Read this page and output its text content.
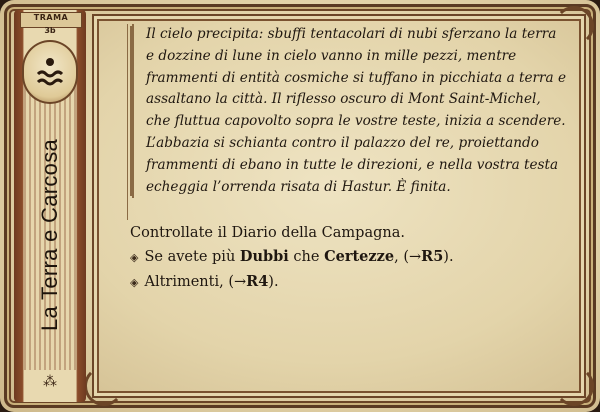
TRAMA
3b
La Terra e Carcosa
⁂
Il cielo precipita: sbuffi tentacolari di nubi sferzano la terra e dozzine di lune in cielo vanno in mille pezzi, mentre frammenti di entità cosmiche si tuffano in picchiata a terra e assaltano la città. Il riflesso oscuro di Mont Saint-Michel, che fluttua capovolto sopra le vostre teste, inizia a scendere. L’abbazia si schianta contro il palazzo del re, proiettando frammenti di ebano in tutte le direzioni, e nella vostra testa echeggia l’orrenda risata di Hastur. È finita.
Controllate il Diario della Campagna.
◈ Se avete più Dubbi che Certezze, (→R5).
◈ Altrimenti, (→R4).
